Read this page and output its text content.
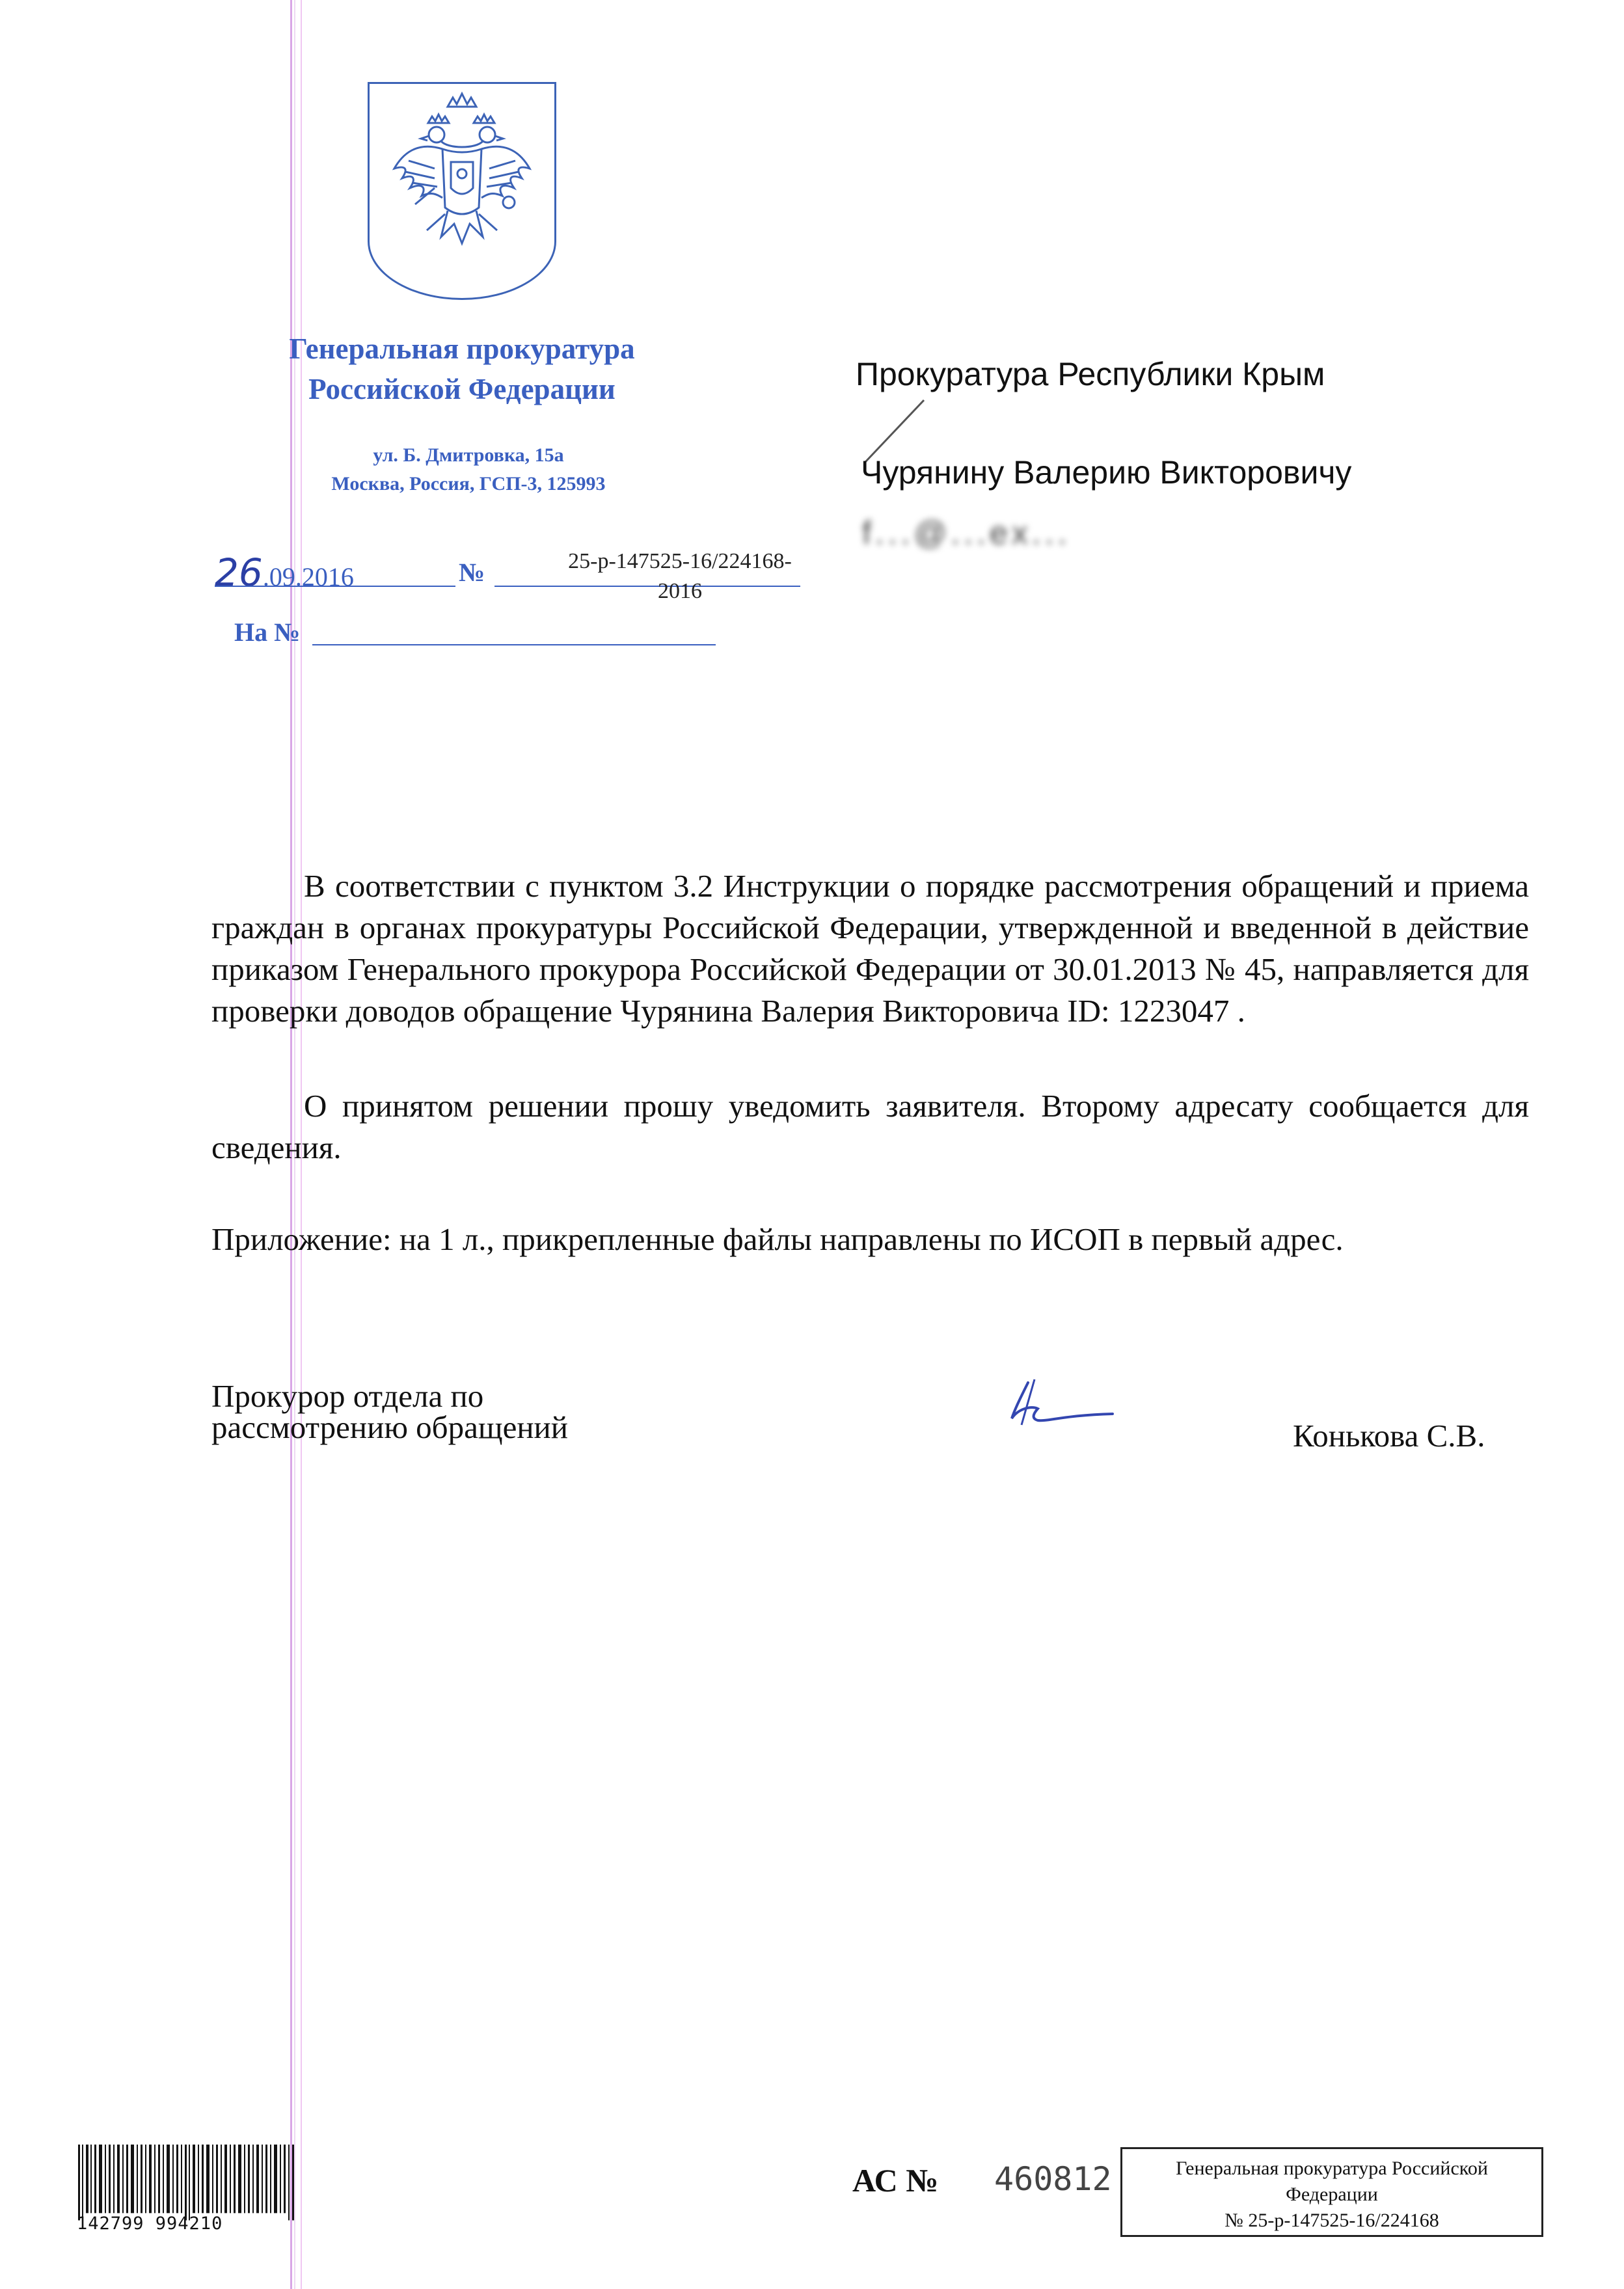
Генеральная прокуратура
Российской Федерации
ул. Б. Дмитровка, 15а
Москва, Россия, ГСП-3, 125993
26.09.2016	№	25-р-147525-16/224168-
2016
На №
Прокуратура Республики Крым
Чурянину Валерию Викторовичу
f...@...ex...
В соответствии с пунктом 3.2 Инструкции о порядке рассмотрения обращений и приема граждан в органах прокуратуры Российской Федерации, утвержденной и введенной в действие приказом Генерального прокурора Российской Федерации от 30.01.2013 № 45, направляется для проверки доводов обращение Чурянина Валерия Викторовича ID: 1223047 .
О принятом решении прошу уведомить заявителя. Второму адресату сообщается для сведения.
Приложение: на 1 л., прикрепленные файлы направлены по ИСОП в первый адрес.
Прокурор отдела по
рассмотрению обращений	Конькова С.В.
142799 994210
АС № 460812	Генеральная прокуратура Российской
Федерации
№ 25-р-147525-16/224168
